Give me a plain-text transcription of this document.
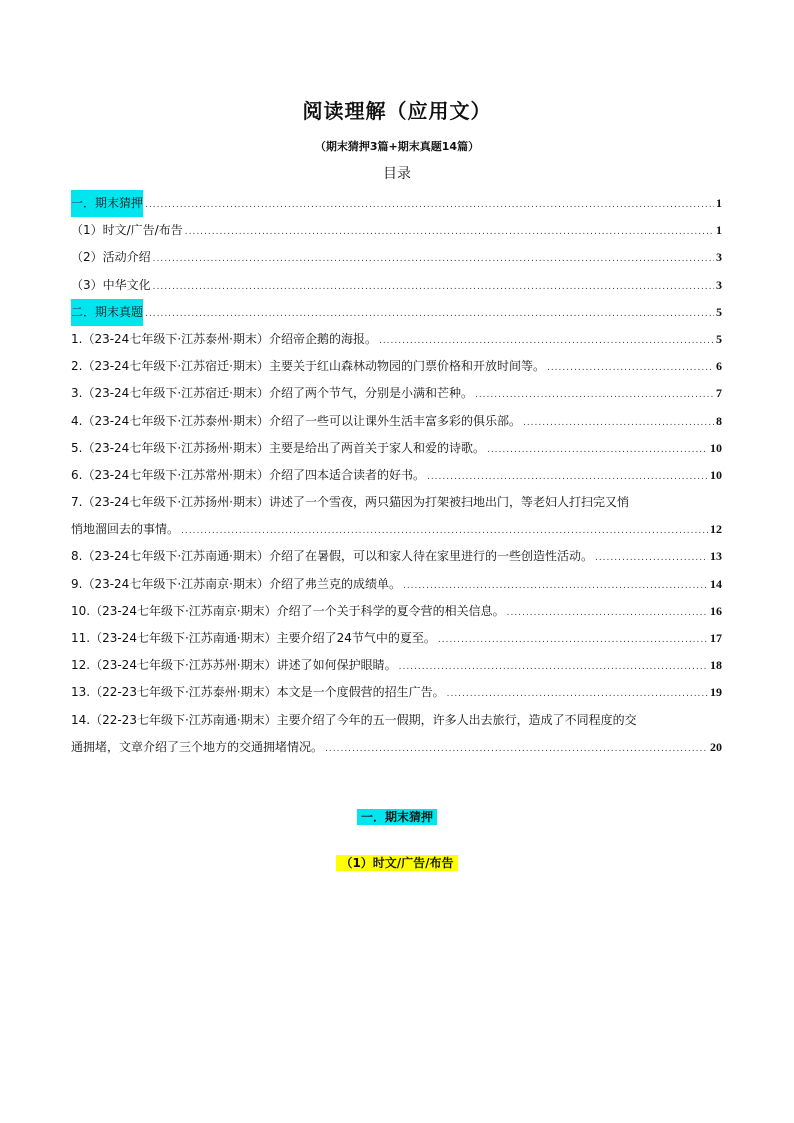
阅读理解（应用文）
（期末猜押3篇+期末真题14篇）
目录
一．期末猜押 .....	1
（1）时文/广告/布告 .....	1
（2）活动介绍 .....	3
（3）中华文化 .....	3
二．期末真题 .....	5
1.（23-24七年级下·江苏泰州·期末）介绍帝企鹅的海报。 .....	5
2.（23-24七年级下·江苏宿迁·期末）主要关于红山森林动物园的门票价格和开放时间等。 .....	6
3.（23-24七年级下·江苏宿迁·期末）介绍了两个节气，分别是小满和芒种。 .....	7
4.（23-24七年级下·江苏泰州·期末）介绍了一些可以让课外生活丰富多彩的俱乐部。 .....	8
5.（23-24七年级下·江苏扬州·期末）主要是给出了两首关于家人和爱的诗歌。 .....	10
6.（23-24七年级下·江苏常州·期末）介绍了四本适合读者的好书。 .....	10
7.（23-24七年级下·江苏扬州·期末）讲述了一个雪夜，两只猫因为打架被扫地出门，等老妇人打扫完又悄
悄地溜回去的事情。 .....	12
8.（23-24七年级下·江苏南通·期末）介绍了在暑假，可以和家人待在家里进行的一些创造性活动。 .....	13
9.（23-24七年级下·江苏南京·期末）介绍了弗兰克的成绩单。 .....	14
10.（23-24七年级下·江苏南京·期末）介绍了一个关于科学的夏令营的相关信息。 .....	16
11.（23-24七年级下·江苏南通·期末）主要介绍了24节气中的夏至。 .....	17
12.（23-24七年级下·江苏苏州·期末）讲述了如何保护眼睛。 .....	18
13.（22-23七年级下·江苏泰州·期末）本文是一个度假营的招生广告。 .....	19
14.（22-23七年级下·江苏南通·期末）主要介绍了今年的五一假期，许多人出去旅行，造成了不同程度的交
通拥堵，文章介绍了三个地方的交通拥堵情况。 .....	20
一．期末猜押
（1）时文/广告/布告
